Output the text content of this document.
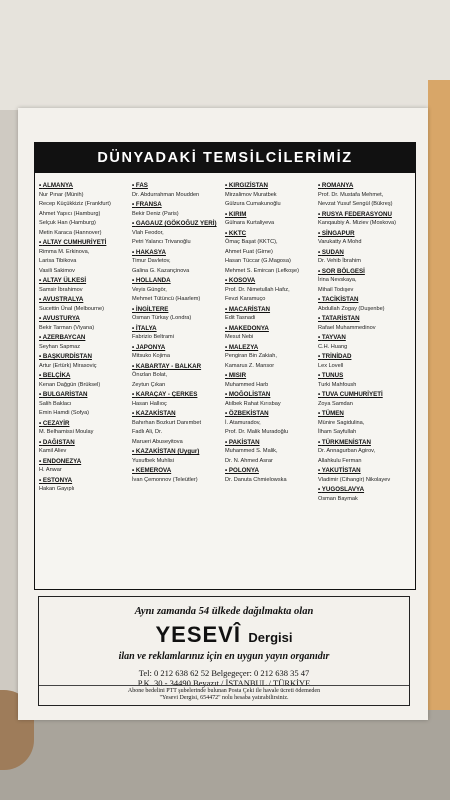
DÜNYADAKİ TEMSİLCİLERİMİZ
• ALMANYA
Nur Pınar (Münih)
Recep Küçükkiziz (Frankfurt)
Ahmet Yapıcı (Hamburg)
Selçuk Han (Hamburg)
Metin Karaca (Hannover)
• ALTAY CUMHURİYETİ
Rimma M. Erkinova,
Larisa Tibikova
Vasili Sakimov
• ALTAY ÜLKESİ
Samsir İbrahimov
• AVUSTRALYA
Sucettin Ünal (Melbourne)
• AVUSTURYA
Bekir Tarman (Viyana)
• AZERBAYCAN
Seyhan Sapmaz
• BAŞKURDİSTAN
Artur (Ertürk) Mirasoviç
• BELÇİKA
Kenan Dağgün (Brüksel)
• BULGARİSTAN
Salih Baklacı
Emin Hamdi (Sofya)
• CEZAYİR
M. Belhamissi Moulay
• DAĞISTAN
Kamil Aliev
• ENDONEZYA
H. Anwar
• ESTONYA
Hakan Gayıplı
• FAS
Dr. Abdurrahman Moudden
• FRANSA
Bekir Deniz (Paris)
• GAGAUZ (GÖKOĞUZ YERİ)
Vlah Feodor,
Petri Yalancı Trivanoğlu
• HAKASYA
Timur Davletov,
Galina G. Kazançinova
• HOLLANDA
Veyis Güngör,
Mehmet Tütüncü (Haarlem)
• İNGİLTERE
Osman Türkay (Londra)
• İTALYA
Fabrizio Beltrami
• JAPONYA
Mitsuko Kojima
• KABARTAY - BALKAR
Önızlan Bolat,
Zeytun Çıkan
• KARAÇAY - ÇERKES
Hasan Hallıoç
• KAZAKİSTAN
Bahırhan Bozkurt Danımbet
Fadlı Ali, Dr.
Marueri Abuseyitova
• KAZAKİSTAN (Uygur)
Yusufbek Muhlisi
• KEMEROVA
İvan Çemonnov (Teleütler)
• KIRGIZİSTAN
Mirzalimov Muratbek
Gülzura Cumakunoğlu
• KIRIM
Gülnara Kurtaliyeva
• KKTC
Ömaç Başat (KKTC),
Ahmet Fuat (Girne)
Hasan Tüccar (G.Magosa)
Mehmet S. Emircan (Lefkoşe)
• KOSOVA
Prof. Dr. Nimetullah Hafız,
Fevzi Karamuço
• MACARİSTAN
Edit Tasnadi
• MAKEDONYA
Mesut Nebi
• MALEZYA
Pengiran Bin Zakiah,
Kamarus Z. Mansor
• MISIR
Muhammed Harb
• MOĞOLİSTAN
Atılbek Rahat Kırısbay
• ÖZBEKİSTAN
İ. Atamuradov,
Prof. Dr. Malik Muradoğlu
• PAKİSTAN
Muhammed S. Malik,
Dr. N. Ahmed Asrar
• POLONYA
Dr. Danuta Chmielowska
• ROMANYA
Prof. Dr. Mustafa Mehmet,
Nevzat Yusuf Sengül (Bükreş)
• RUSYA FEDERASYONU
Kanqaubiy A. Miziev (Moskova)
• SİNGAPUR
Varukatty A Mohd
• SUDAN
Dr. Vehib İbrahim
• SOR BÖLGESİ
İrina Nevskaya,
Mihail Todışev
• TACİKİSTAN
Abdullah Zogay (Duşenbe)
• TATARİSTAN
Rafael Muhammedinov
• TAYVAN
C.H. Huang
• TRİNİDAD
Lex Lovell
• TUNUS
Turki Mahfoush
• TUVA CUMHURİYETİ
Zoya Samdan
• TÜMEN
Münire Sagidulina,
İlham Sayfullah
• TÜRKMENİSTAN
Dr. Annagurban Agirov,
Allahkulu Ferman
• YAKUTİSTAN
Vladimir (Cihangir) Nikolayev
• YUGOSLAVYA
Osman Baymak
Aynı zamanda 54 ülkede dağılmakta olan
YESEVÎ Dergisi
ilan ve reklamlarınız için en uygun yayın organıdır
Tel: 0 212 638 62 52 Belgegeçer: 0 212 638 35 47
P.K. 30 - 34490 Beyazıt / İSTANBUL / TÜRKİYE
Abone bedelini PTT şubelerinde bulunan Posta Çeki ile havale ücreti ödemeden
"Yesevi Dergisi, 654472" nolu hesaba yatırabilirsiniz.
